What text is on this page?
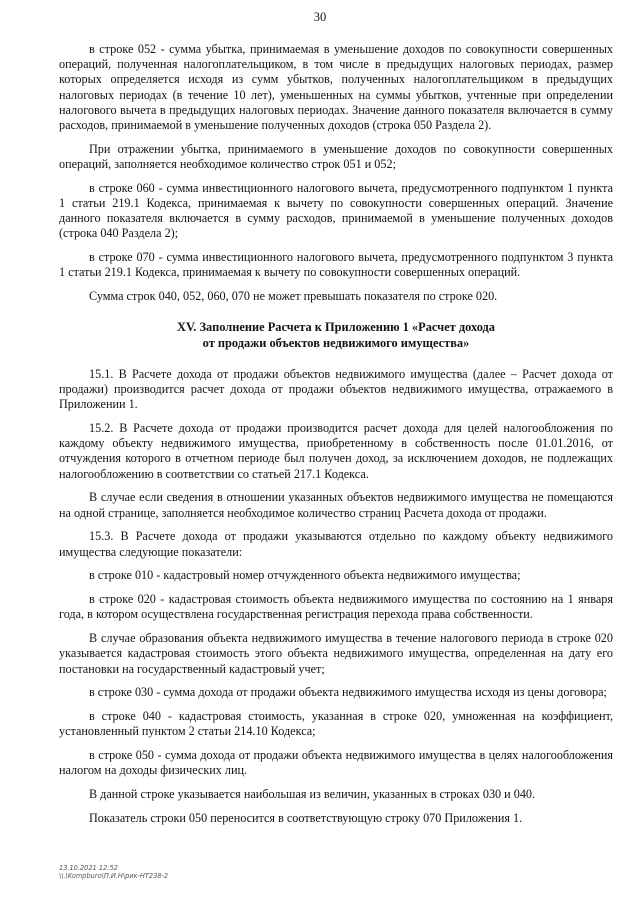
30

в строке 052 - сумма убытка, принимаемая в уменьшение доходов по совокупности совершенных операций, полученная налогоплательщиком, в том числе в предыдущих налоговых периодах, размер которых определяется исходя из сумм убытков, полученных налогоплательщиком в предыдущих налоговых периодах (в течение 10 лет), уменьшенных на суммы убытков, учтенные при определении налогового вычета в предыдущих налоговых периодах. Значение данного показателя включается в сумму расходов, принимаемой в уменьшение полученных доходов (строка 050 Раздела 2).

При отражении убытка, принимаемого в уменьшение доходов по совокупности совершенных операций, заполняется необходимое количество строк 051 и 052;

в строке 060 - сумма инвестиционного налогового вычета, предусмотренного подпунктом 1 пункта 1 статьи 219.1 Кодекса, принимаемая к вычету по совокупности совершенных операций. Значение данного показателя включается в сумму расходов, принимаемой в уменьшение полученных доходов (строка 040 Раздела 2);

в строке 070 - сумма инвестиционного налогового вычета, предусмотренного подпунктом 3 пункта 1 статьи 219.1 Кодекса, принимаемая к вычету по совокупности совершенных операций.

Сумма строк 040, 052, 060, 070 не может превышать показателя по строке 020.

XV. Заполнение Расчета к Приложению 1 «Расчет дохода
от продажи объектов недвижимого имущества»

15.1. В Расчете дохода от продажи объектов недвижимого имущества (далее – Расчет дохода от продажи) производится расчет дохода от продажи объектов недвижимого имущества, отражаемого в Приложении 1.

15.2. В Расчете дохода от продажи производится расчет дохода для целей налогообложения по каждому объекту недвижимого имущества, приобретенному в собственность после 01.01.2016, от отчуждения которого в отчетном периоде был получен доход, за исключением доходов, не подлежащих налогообложению в соответствии со статьей 217.1 Кодекса.

В случае если сведения в отношении указанных объектов недвижимого имущества не помещаются на одной странице, заполняется необходимое количество страниц Расчета дохода от продажи.

15.3. В Расчете дохода от продажи указываются отдельно по каждому объекту недвижимого имущества следующие показатели:

в строке 010 - кадастровый номер отчужденного объекта недвижимого имущества;

в строке 020 - кадастровая стоимость объекта недвижимого имущества по состоянию на 1 января года, в котором осуществлена государственная регистрация перехода права собственности.

В случае образования объекта недвижимого имущества в течение налогового периода в строке 020 указывается кадастровая стоимость этого объекта недвижимого имущества, определенная на дату его постановки на государственный кадастровый учет;

в строке 030 - сумма дохода от продажи объекта недвижимого имущества исходя из цены договора;

в строке 040 - кадастровая стоимость, указанная в строке 020, умноженная на коэффициент, установленный пунктом 2 статьи 214.10 Кодекса;

в строке 050 - сумма дохода от продажи объекта недвижимого имущества в целях налогообложения налогом на доходы физических лиц.

В данной строке указывается наибольшая из величин, указанных в строках 030 и 040.

Показатель строки 050 переносится в соответствующую строку 070 Приложения 1.

13.10.2021 12:52
\\.\Kompburo\П.И.Н\рик-НТ238-2
